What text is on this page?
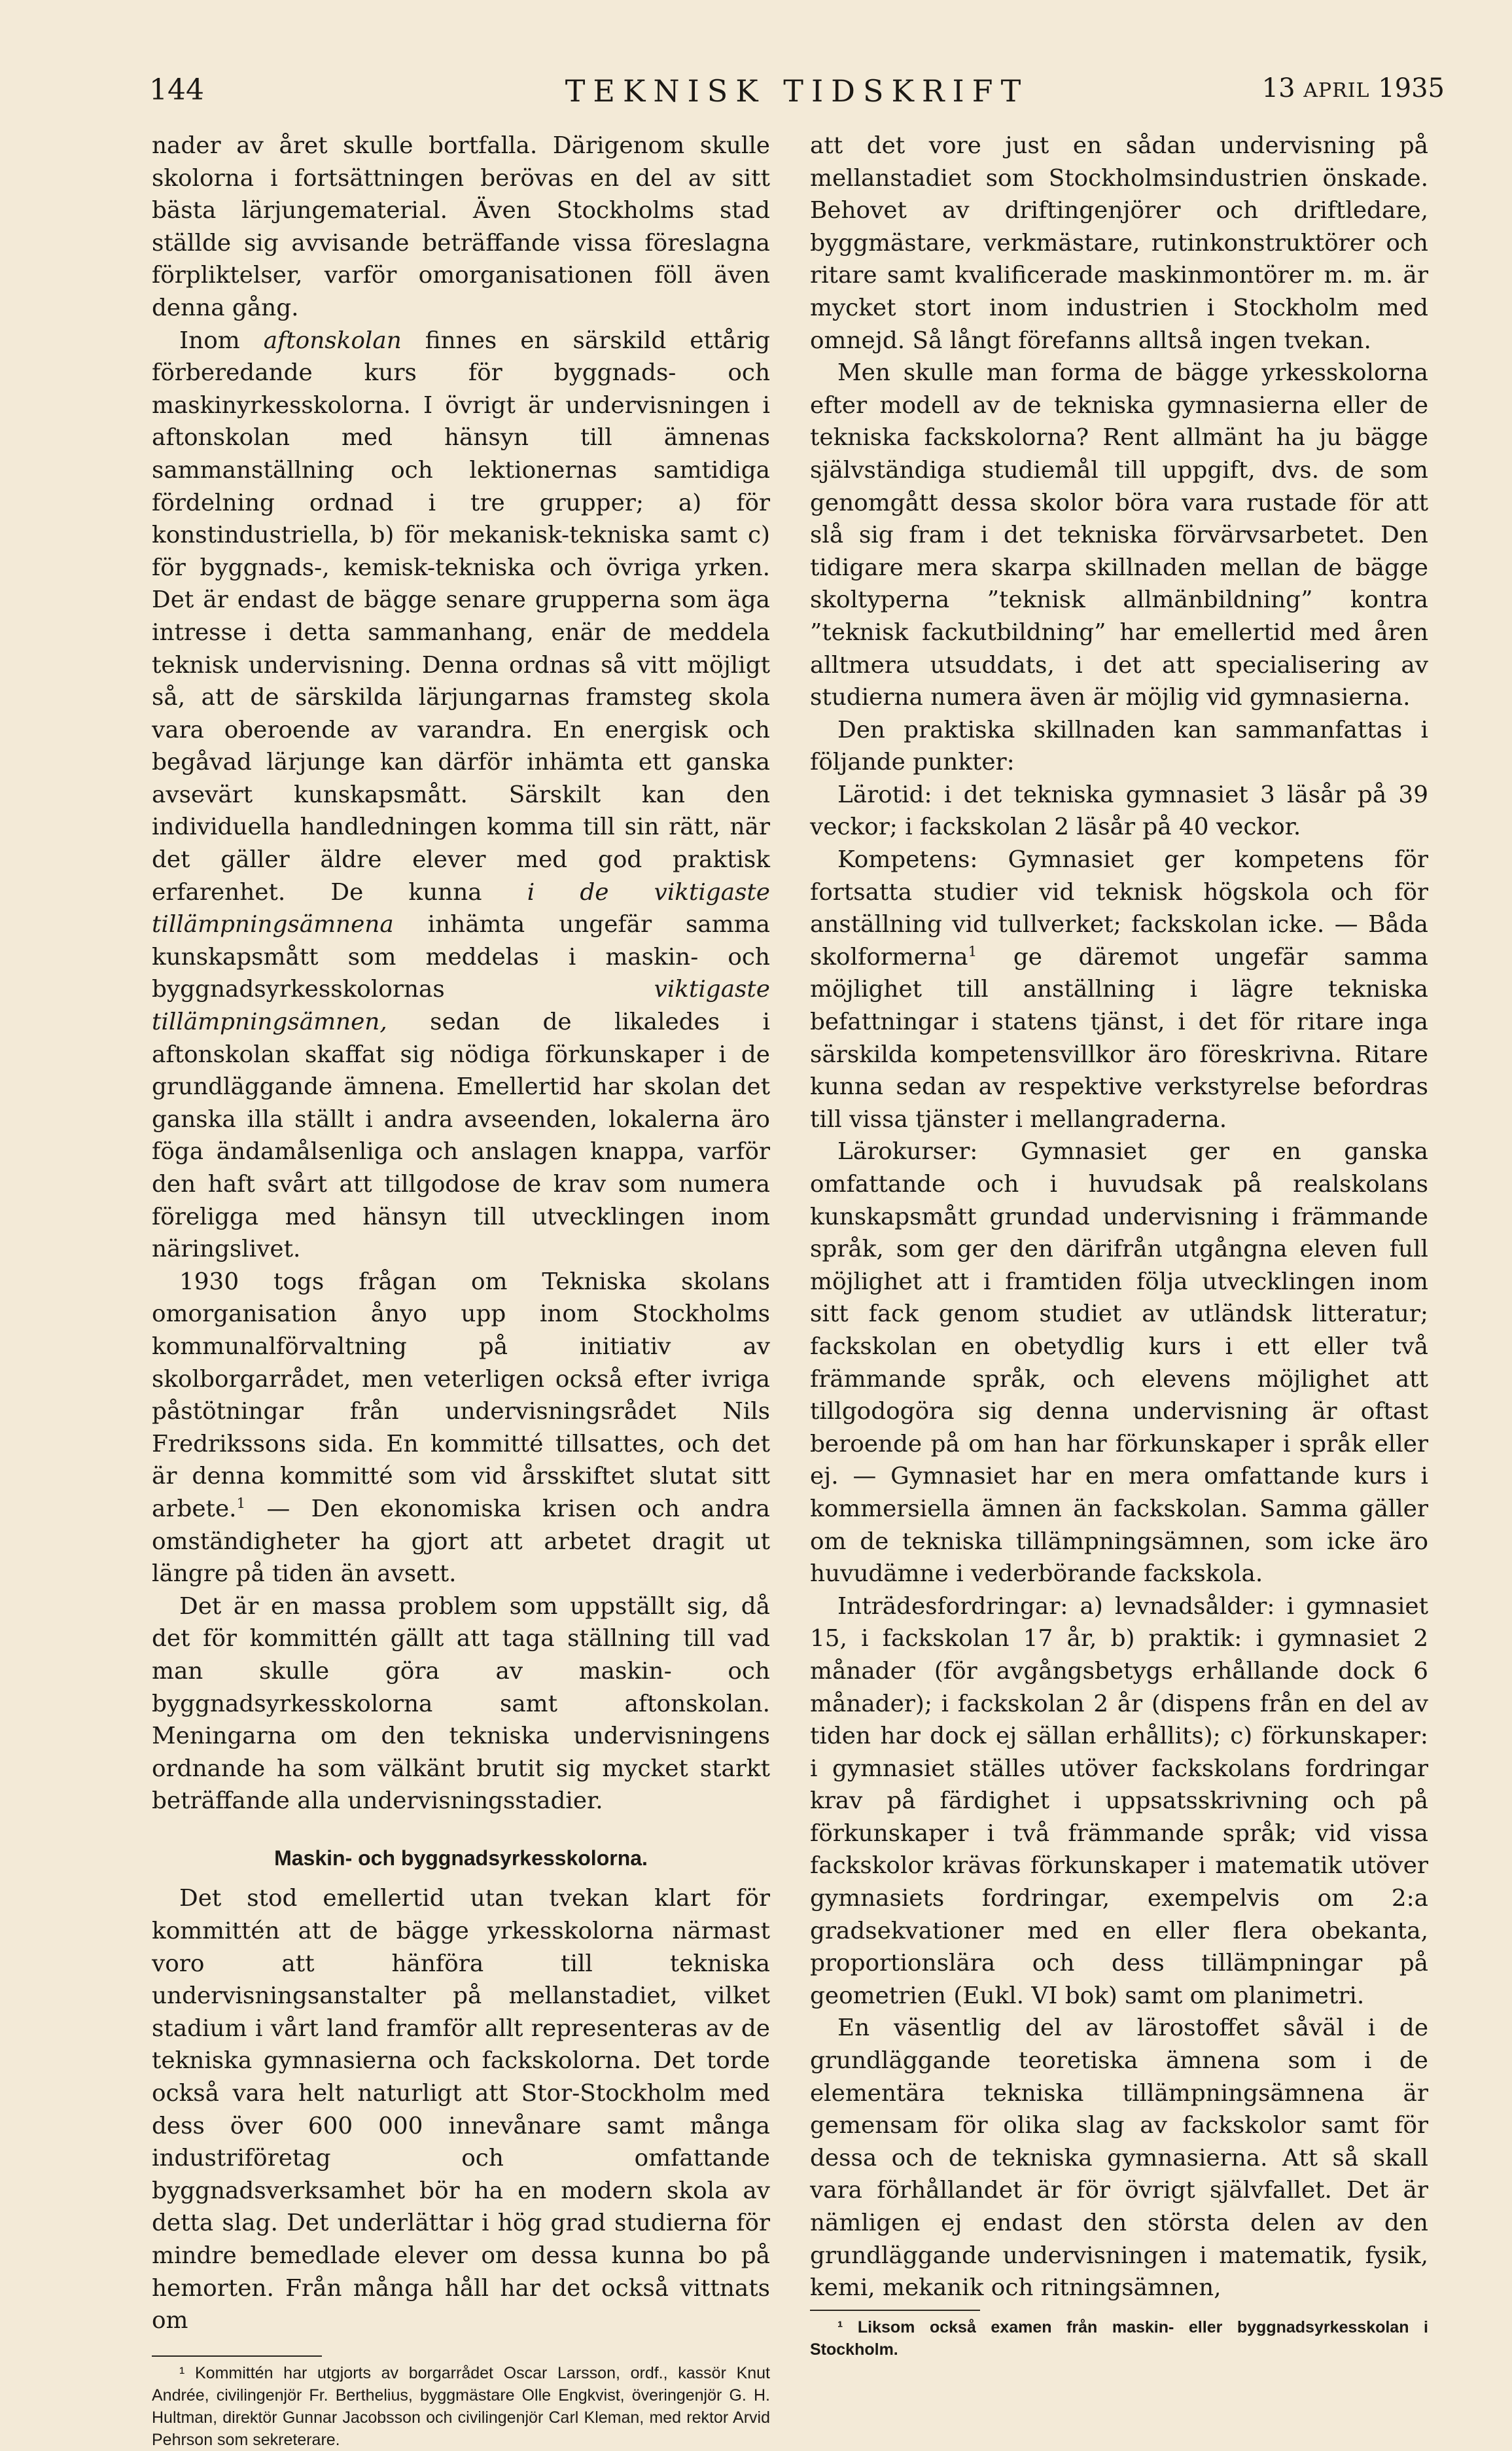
144	TEKNISK TIDSKRIFT	13 APRIL 1935

nader av året skulle bortfalla. Därigenom skulle skolorna i fortsättningen berövas en del av sitt bästa lärjungematerial. Även Stockholms stad ställde sig avvisande beträffande vissa föreslagna förpliktelser, varför omorganisationen föll även denna gång.

Inom aftonskolan finnes en särskild ettårig förberedande kurs för byggnads- och maskinyrkesskolorna. I övrigt är undervisningen i aftonskolan med hänsyn till ämnenas sammanställning och lektionernas samtidiga fördelning ordnad i tre grupper; a) för konstindustriella, b) för mekanisk-tekniska samt c) för byggnads-, kemisk-tekniska och övriga yrken. Det är endast de bägge senare grupperna som äga intresse i detta sammanhang, enär de meddela teknisk undervisning. Denna ordnas så vitt möjligt så, att de särskilda lärjungarnas framsteg skola vara oberoende av varandra. En energisk och begåvad lärjunge kan därför inhämta ett ganska avsevärt kunskapsmått. Särskilt kan den individuella handledningen komma till sin rätt, när det gäller äldre elever med god praktisk erfarenhet. De kunna i de viktigaste tillämpningsämnena inhämta ungefär samma kunskapsmått som meddelas i maskin- och byggnadsyrkesskolornas viktigaste tillämpningsämnen, sedan de likaledes i aftonskolan skaffat sig nödiga förkunskaper i de grundläggande ämnena. Emellertid har skolan det ganska illa ställt i andra avseenden, lokalerna äro föga ändamålsenliga och anslagen knappa, varför den haft svårt att tillgodose de krav som numera föreligga med hänsyn till utvecklingen inom näringslivet.

1930 togs frågan om Tekniska skolans omorganisation ånyo upp inom Stockholms kommunalförvaltning på initiativ av skolborgarrådet, men veterligen också efter ivriga påstötningar från undervisningsrådet Nils Fredrikssons sida. En kommitté tillsattes, och det är denna kommitté som vid årsskiftet slutat sitt arbete.$^1$ — Den ekonomiska krisen och andra omständigheter ha gjort att arbetet dragit ut längre på tiden än avsett.

Det är en massa problem som uppställt sig, då det för kommittén gällt att taga ställning till vad man skulle göra av maskin- och byggnadsyrkesskolorna samt aftonskolan. Meningarna om den tekniska undervisningens ordnande ha som välkänt brutit sig mycket starkt beträffande alla undervisningsstadier.

Maskin- och byggnadsyrkesskolorna.

Det stod emellertid utan tvekan klart för kommittén att de bägge yrkesskolorna närmast voro att hänföra till tekniska undervisningsanstalter på mellanstadiet, vilket stadium i vårt land framför allt representeras av de tekniska gymnasierna och fackskolorna. Det torde också vara helt naturligt att Stor-Stockholm med dess över 600 000 innevånare samt många industriföretag och omfattande byggnadsverksamhet bör ha en modern skola av detta slag. Det underlättar i hög grad studierna för mindre bemedlade elever om dessa kunna bo på hemorten. Från många håll har det också vittnats om

¹ Kommittén har utgjorts av borgarrådet Oscar Larsson, ordf., kassör Knut Andrée, civilingenjör Fr. Berthelius, byggmästare Olle Engkvist, överingenjör G. H. Hultman, direktör Gunnar Jacobsson och civilingenjör Carl Kleman, med rektor Arvid Pehrson som sekreterare.

att det vore just en sådan undervisning på mellanstadiet som Stockholmsindustrien önskade. Behovet av driftingenjörer och driftledare, byggmästare, verkmästare, rutinkonstruktörer och ritare samt kvalificerade maskinmontörer m. m. är mycket stort inom industrien i Stockholm med omnejd. Så långt förefanns alltså ingen tvekan.

Men skulle man forma de bägge yrkesskolorna efter modell av de tekniska gymnasierna eller de tekniska fackskolorna? Rent allmänt ha ju bägge självständiga studiemål till uppgift, dvs. de som genomgått dessa skolor böra vara rustade för att slå sig fram i det tekniska förvärvsarbetet. Den tidigare mera skarpa skillnaden mellan de bägge skoltyperna ”teknisk allmänbildning” kontra ”teknisk fackutbildning” har emellertid med åren alltmera utsuddats, i det att specialisering av studierna numera även är möjlig vid gymnasierna.

Den praktiska skillnaden kan sammanfattas i följande punkter:

Lärotid: i det tekniska gymnasiet 3 läsår på 39 veckor; i fackskolan 2 läsår på 40 veckor.

Kompetens: Gymnasiet ger kompetens för fortsatta studier vid teknisk högskola och för anställning vid tullverket; fackskolan icke. — Båda skolformerna$^1$ ge däremot ungefär samma möjlighet till anställning i lägre tekniska befattningar i statens tjänst, i det för ritare inga särskilda kompetensvillkor äro föreskrivna. Ritare kunna sedan av respektive verkstyrelse befordras till vissa tjänster i mellangraderna.

Lärokurser: Gymnasiet ger en ganska omfattande och i huvudsak på realskolans kunskapsmått grundad undervisning i främmande språk, som ger den därifrån utgångna eleven full möjlighet att i framtiden följa utvecklingen inom sitt fack genom studiet av utländsk litteratur; fackskolan en obetydlig kurs i ett eller två främmande språk, och elevens möjlighet att tillgodogöra sig denna undervisning är oftast beroende på om han har förkunskaper i språk eller ej. — Gymnasiet har en mera omfattande kurs i kommersiella ämnen än fackskolan. Samma gäller om de tekniska tillämpningsämnen, som icke äro huvudämne i vederbörande fackskola.

Inträdesfordringar: a) levnadsålder: i gymnasiet 15, i fackskolan 17 år, b) praktik: i gymnasiet 2 månader (för avgångsbetygs erhållande dock 6 månader); i fackskolan 2 år (dispens från en del av tiden har dock ej sällan erhållits); c) förkunskaper: i gymnasiet ställes utöver fackskolans fordringar krav på färdighet i uppsatsskrivning och på förkunskaper i två främmande språk; vid vissa fackskolor krävas förkunskaper i matematik utöver gymnasiets fordringar, exempelvis om 2:a gradsekvationer med en eller flera obekanta, proportionslära och dess tillämpningar på geometrien (Eukl. VI bok) samt om planimetri.

En väsentlig del av lärostoffet såväl i de grundläggande teoretiska ämnena som i de elementära tekniska tillämpningsämnena är gemensam för olika slag av fackskolor samt för dessa och de tekniska gymnasierna. Att så skall vara förhållandet är för övrigt självfallet. Det är nämligen ej endast den största delen av den grundläggande undervisningen i matematik, fysik, kemi, mekanik och ritningsämnen,

¹ Liksom också examen från maskin- eller byggnadsyrkesskolan i Stockholm.
